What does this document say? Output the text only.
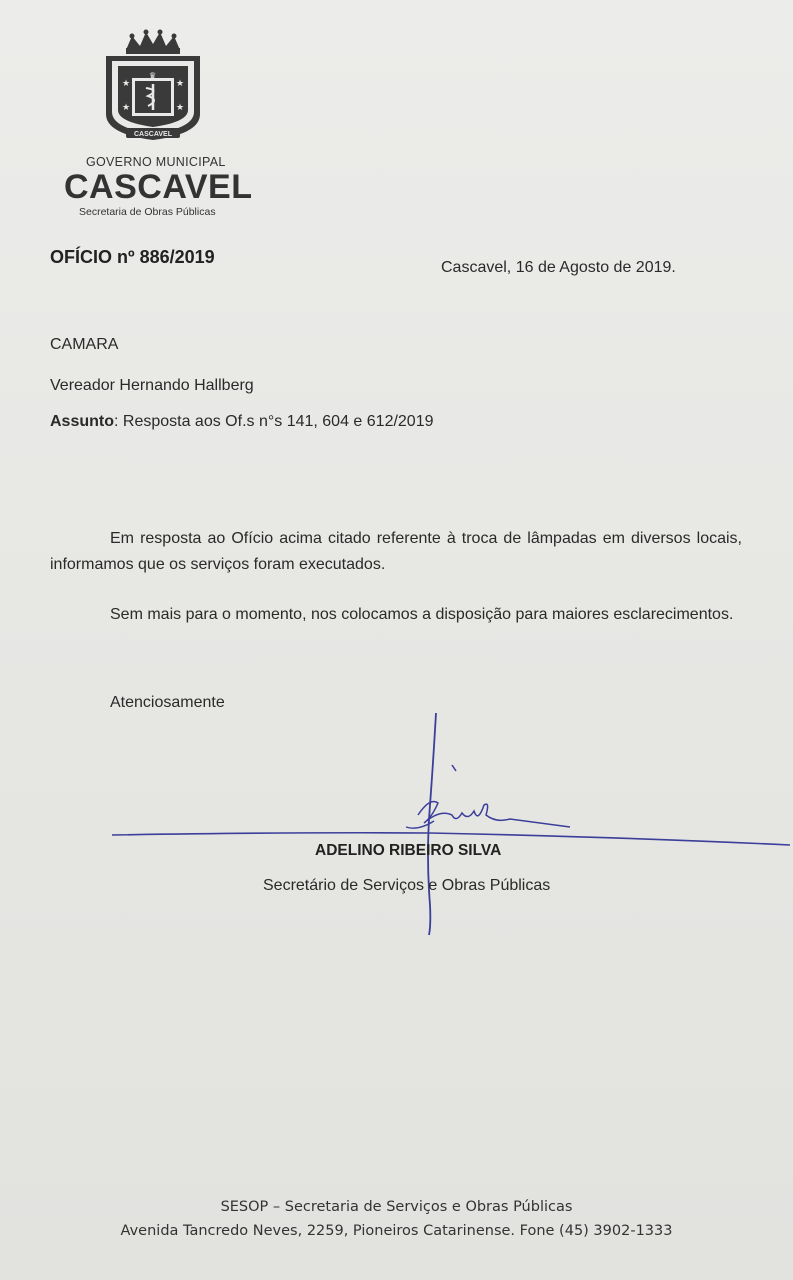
★	★
★	★
♛
CASCAVEL
GOVERNO MUNICIPAL
CASCAVEL
Secretaria de Obras Públicas
OFÍCIO nº 886/2019
Cascavel, 16 de Agosto de 2019.
CAMARA
Vereador Hernando Hallberg
Assunto: Resposta aos Of.s n°s 141, 604 e 612/2019
Em resposta ao Ofício acima citado referente à troca de lâmpadas em diversos locais, informamos que os serviços foram executados.
Sem mais para o momento, nos colocamos a disposição para maiores esclarecimentos.
Atenciosamente
ADELINO RIBEIRO SILVA
Secretário de Serviços e Obras Públicas
SESOP – Secretaria de Serviços e Obras Públicas
Avenida Tancredo Neves, 2259, Pioneiros Catarinense. Fone (45) 3902-1333
